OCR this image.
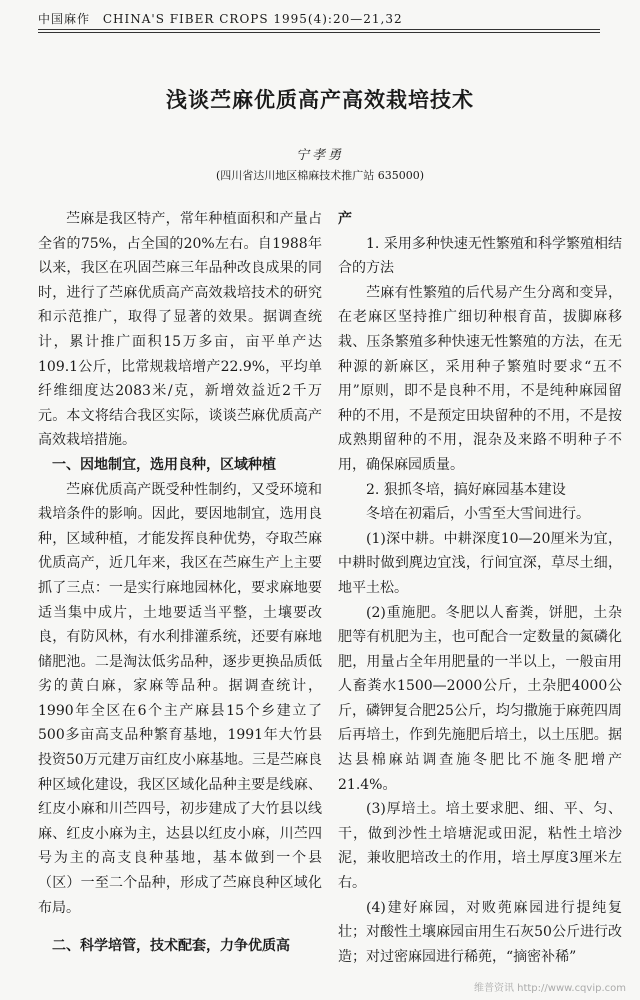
中国麻作 CHINA'S FIBER CROPS 1995(4):20—21,32
浅谈苎麻优质高产高效栽培技术
宁孝勇
(四川省达川地区棉麻技术推广站 635000)

苎麻是我区特产，常年种植面积和产量占全省的75%，占全国的20%左右。自1988年以来，我区在巩固苎麻三年品种改良成果的同时，进行了苎麻优质高产高效栽培技术的研究和示范推广，取得了显著的效果。据调查统计，累计推广面积15万多亩，亩平单产达109.1公斤，比常规栽培增产22.9%，平均单纤维细度达2083米/克，新增效益近2千万元。本文将结合我区实际，谈谈苎麻优质高产高效栽培措施。

一、因地制宜，选用良种，区域种植

苎麻优质高产既受种性制约，又受环境和栽培条件的影响。因此，要因地制宜，选用良种，区域种植，才能发挥良种优势，夺取苎麻优质高产，近几年来，我区在苎麻生产上主要抓了三点：一是实行麻地园林化，要求麻地要适当集中成片，土地要适当平整，土壤要改良，有防风林，有水利排灌系统，还要有麻地储肥池。二是淘汰低劣品种，逐步更换品质低劣的黄白麻，家麻等品种。据调查统计，1990年全区在6个主产麻县15个乡建立了500多亩高支品种繁育基地，1991年大竹县投资50万元建万亩红皮小麻基地。三是苎麻良种区域化建设，我区区域化品种主要是线麻、红皮小麻和川苎四号，初步建成了大竹县以线麻、红皮小麻为主，达县以红皮小麻，川苎四号为主的高支良种基地，基本做到一个县（区）一至二个品种，形成了苎麻良种区域化布局。

二、科学培管，技术配套，力争优质高
产

1. 采用多种快速无性繁殖和科学繁殖相结合的方法

苎麻有性繁殖的后代易产生分离和变异，在老麻区坚持推广细切种根育苗，拔脚麻移栽、压条繁殖多种快速无性繁殖的方法，在无种源的新麻区，采用种子繁殖时要求“五不用”原则，即不是良种不用，不是纯种麻园留种的不用，不是预定田块留种的不用，不是按成熟期留种的不用，混杂及来路不明种子不用，确保麻园质量。

2. 狠抓冬培，搞好麻园基本建设

冬培在初霜后，小雪至大雪间进行。

(1)深中耕。中耕深度10—20厘米为宜，中耕时做到麂边宜浅，行间宜深，草尽土细，地平土松。

(2)重施肥。冬肥以人畜粪，饼肥，土杂肥等有机肥为主，也可配合一定数量的氮磷化肥，用量占全年用肥量的一半以上，一般亩用人畜粪水1500—2000公斤，土杂肥4000公斤，磷钾复合肥25公斤，均匀撒施于麻蔸四周后再培土，作到先施肥后培土，以土压肥。据达县棉麻站调查施冬肥比不施冬肥增产21.4%。

(3)厚培土。培土要求肥、细、平、匀、干，做到沙性土培塘泥或田泥，粘性土培沙泥，兼收肥培改土的作用，培土厚度3厘米左右。

(4)建好麻园，对败蔸麻园进行提纯复壮；对酸性土壤麻园亩用生石灰50公斤进行改造；对过密麻园进行稀蔸，“摘密补稀”

维普资讯 http://www.cqvip.com
